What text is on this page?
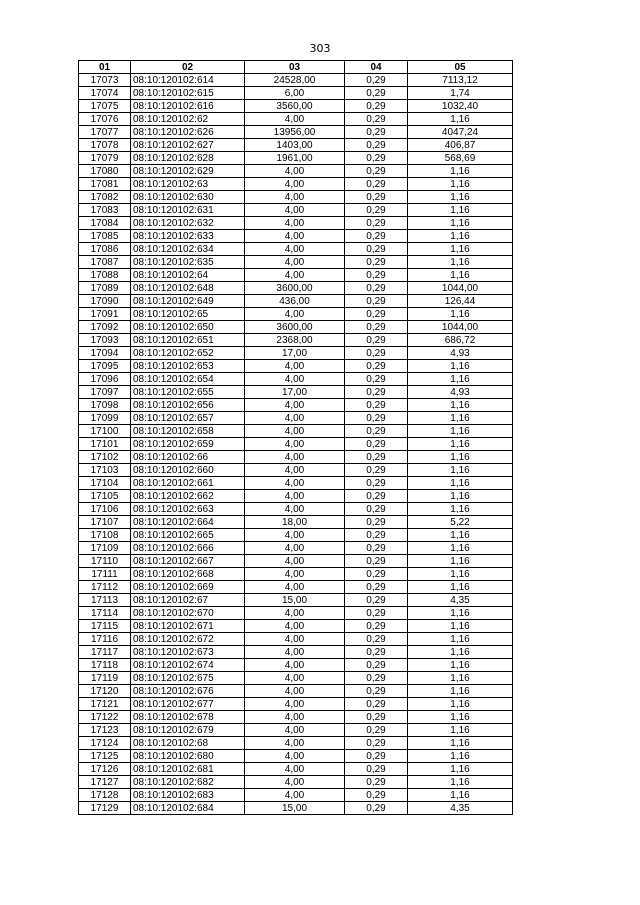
303
01	02	03	04	05
17073	08:10:120102:614	24528,00	0,29	7113,12
17074	08:10:120102:615	6,00	0,29	1,74
17075	08:10:120102:616	3560,00	0,29	1032,40
17076	08:10:120102:62	4,00	0,29	1,16
17077	08:10:120102:626	13956,00	0,29	4047,24
17078	08:10:120102:627	1403,00	0,29	406,87
17079	08:10:120102:628	1961,00	0,29	568,69
17080	08:10:120102:629	4,00	0,29	1,16
17081	08:10:120102:63	4,00	0,29	1,16
17082	08:10:120102:630	4,00	0,29	1,16
17083	08:10:120102:631	4,00	0,29	1,16
17084	08:10:120102:632	4,00	0,29	1,16
17085	08:10:120102:633	4,00	0,29	1,16
17086	08:10:120102:634	4,00	0,29	1,16
17087	08:10:120102:635	4,00	0,29	1,16
17088	08:10:120102:64	4,00	0,29	1,16
17089	08:10:120102:648	3600,00	0,29	1044,00
17090	08:10:120102:649	436,00	0,29	126,44
17091	08:10:120102:65	4,00	0,29	1,16
17092	08:10:120102:650	3600,00	0,29	1044,00
17093	08:10:120102:651	2368,00	0,29	686,72
17094	08:10:120102:652	17,00	0,29	4,93
17095	08:10:120102:653	4,00	0,29	1,16
17096	08:10:120102:654	4,00	0,29	1,16
17097	08:10:120102:655	17,00	0,29	4,93
17098	08:10:120102:656	4,00	0,29	1,16
17099	08:10:120102:657	4,00	0,29	1,16
17100	08:10:120102:658	4,00	0,29	1,16
17101	08:10:120102:659	4,00	0,29	1,16
17102	08:10:120102:66	4,00	0,29	1,16
17103	08:10:120102:660	4,00	0,29	1,16
17104	08:10:120102:661	4,00	0,29	1,16
17105	08:10:120102:662	4,00	0,29	1,16
17106	08:10:120102:663	4,00	0,29	1,16
17107	08:10:120102:664	18,00	0,29	5,22
17108	08:10:120102:665	4,00	0,29	1,16
17109	08:10:120102:666	4,00	0,29	1,16
17110	08:10:120102:667	4,00	0,29	1,16
17111	08:10:120102:668	4,00	0,29	1,16
17112	08:10:120102:669	4,00	0,29	1,16
17113	08:10:120102:67	15,00	0,29	4,35
17114	08:10:120102:670	4,00	0,29	1,16
17115	08:10:120102:671	4,00	0,29	1,16
17116	08:10:120102:672	4,00	0,29	1,16
17117	08:10:120102:673	4,00	0,29	1,16
17118	08:10:120102:674	4,00	0,29	1,16
17119	08:10:120102:675	4,00	0,29	1,16
17120	08:10:120102:676	4,00	0,29	1,16
17121	08:10:120102:677	4,00	0,29	1,16
17122	08:10:120102:678	4,00	0,29	1,16
17123	08:10:120102:679	4,00	0,29	1,16
17124	08:10:120102:68	4,00	0,29	1,16
17125	08:10:120102:680	4,00	0,29	1,16
17126	08:10:120102:681	4,00	0,29	1,16
17127	08:10:120102:682	4,00	0,29	1,16
17128	08:10:120102:683	4,00	0,29	1,16
17129	08:10:120102:684	15,00	0,29	4,35
